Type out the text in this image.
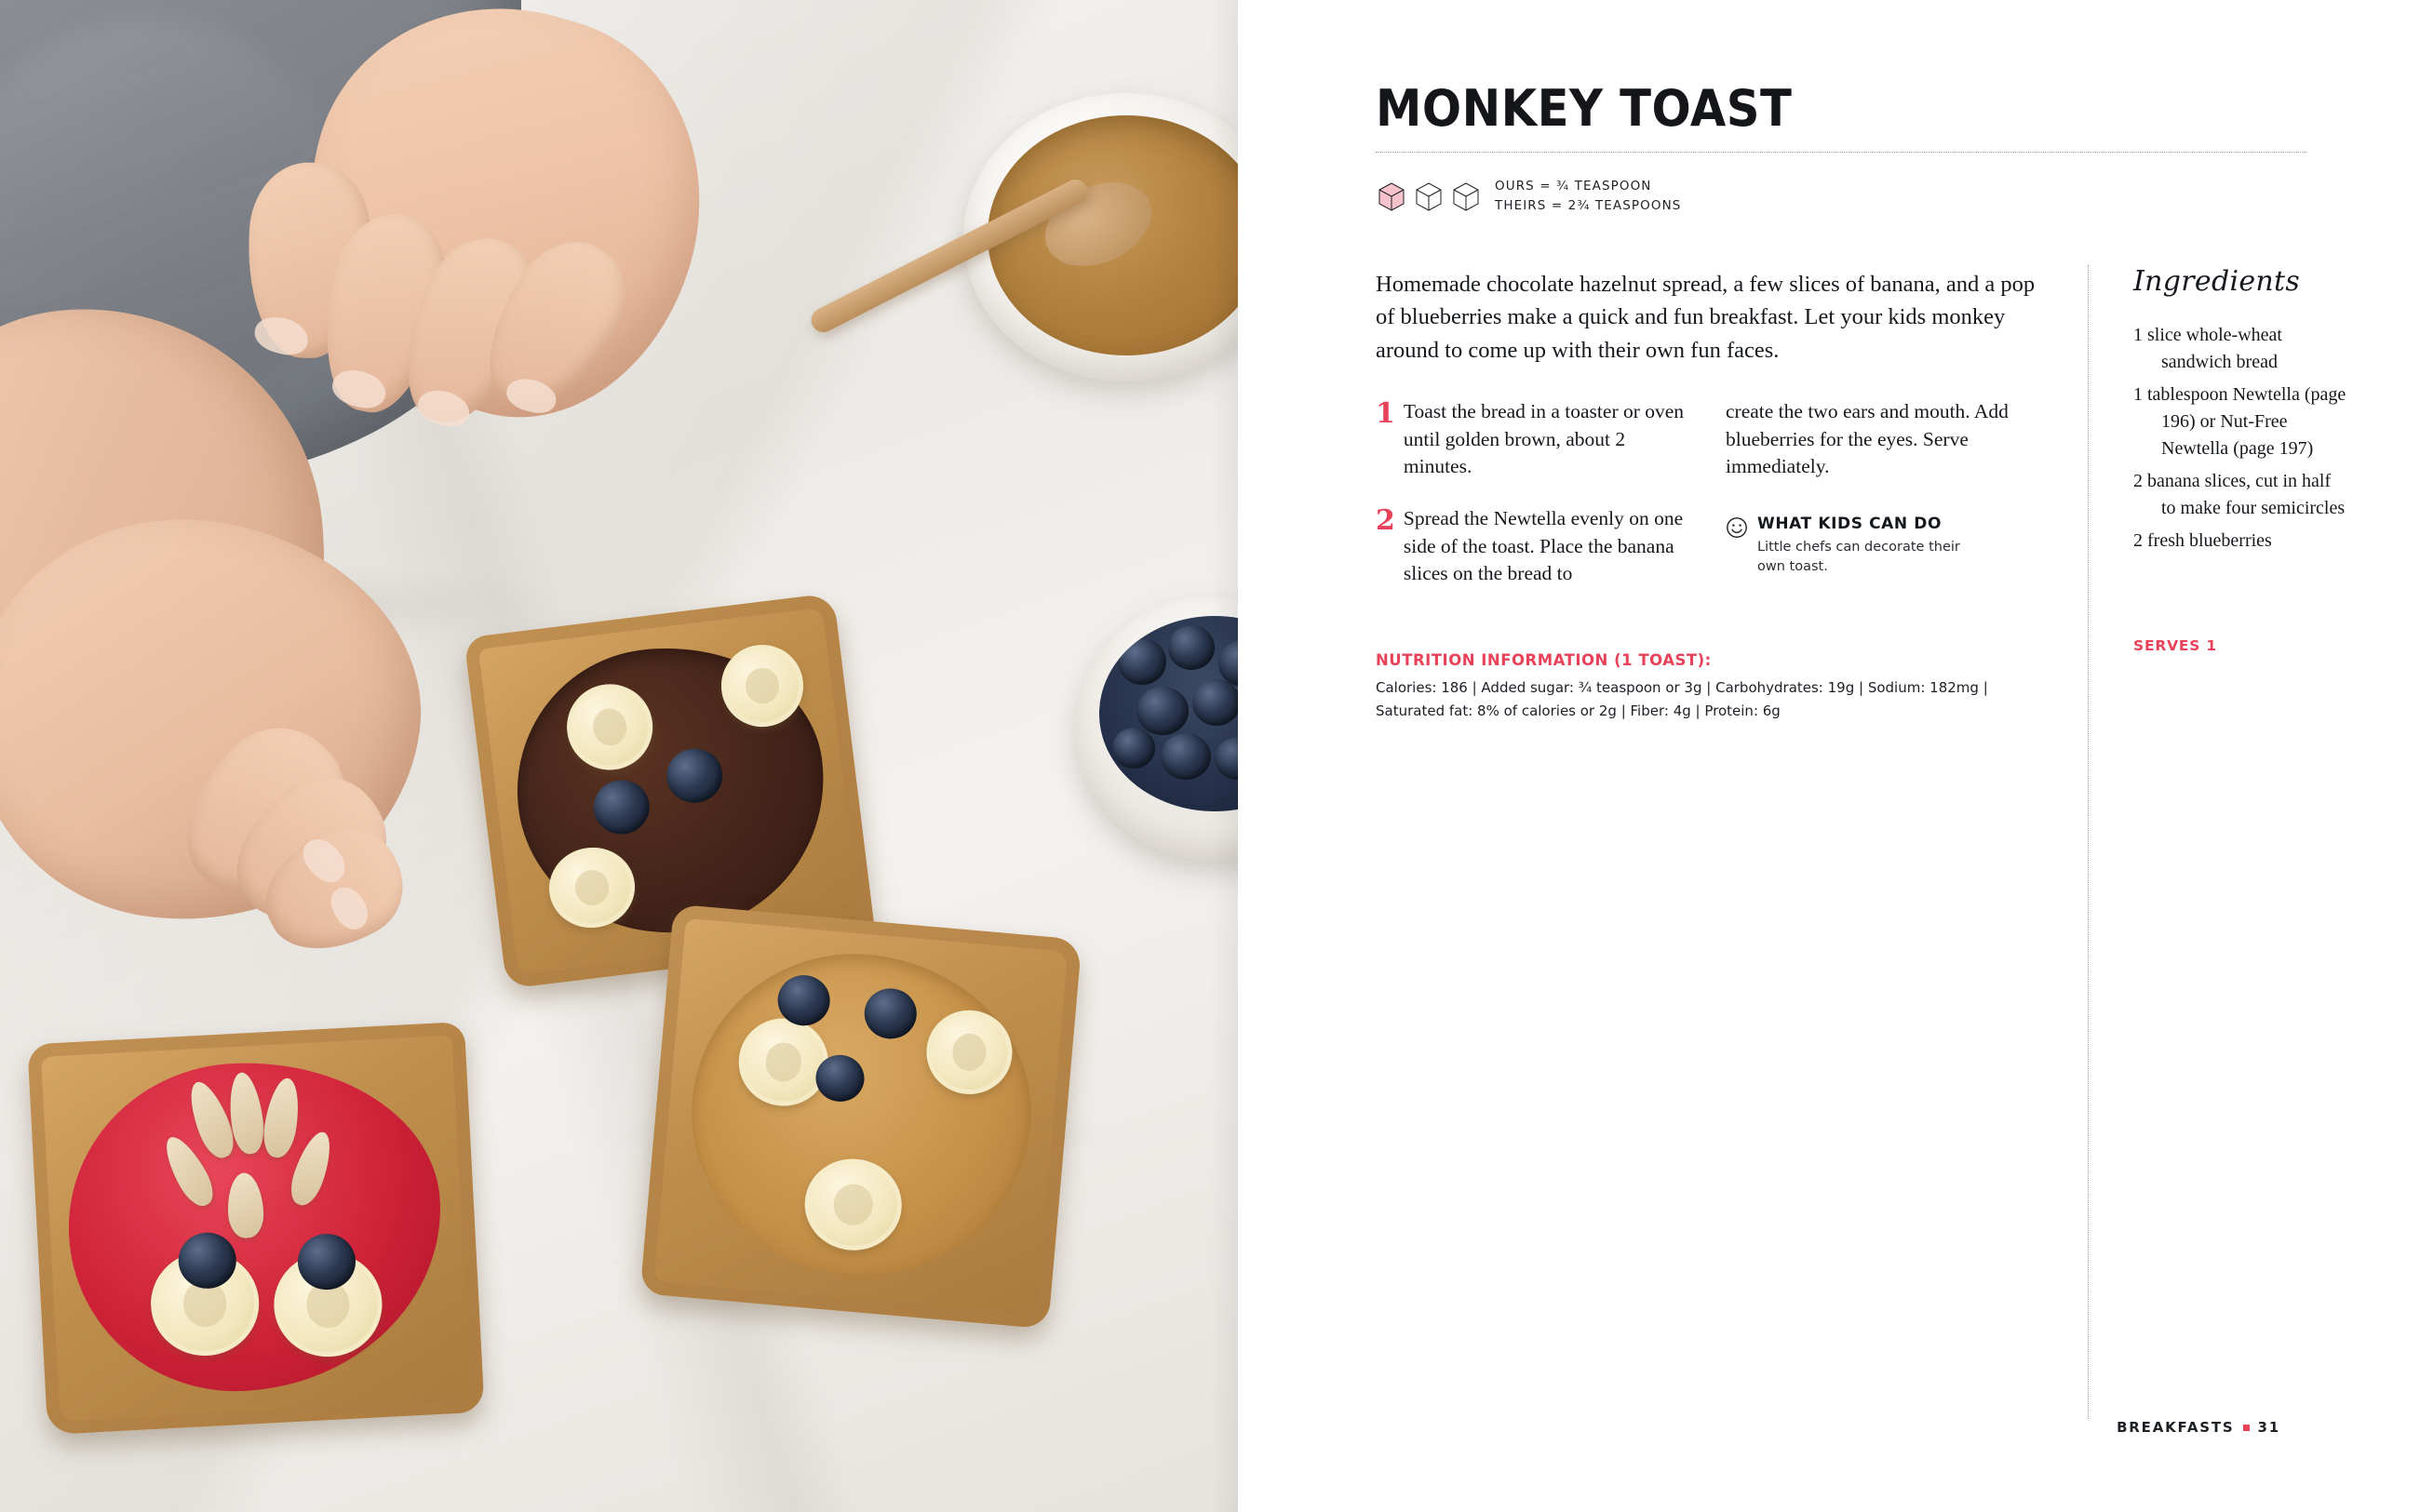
MONKEY TOAST
OURS = ¾ TEASPOON
THEIRS = 2¾ TEASPOONS

Homemade chocolate hazelnut spread, a few slices of banana, and a pop of blueberries make a quick and fun breakfast. Let your kids monkey around to come up with their own fun faces.

1 Toast the bread in a toaster or oven until golden brown, about 2 minutes.
2 Spread the Newtella evenly on one side of the toast. Place the banana slices on the bread to
create the two ears and mouth. Add blueberries for the eyes. Serve immediately.
WHAT KIDS CAN DO
Little chefs can decorate their own toast.
NUTRITION INFORMATION (1 TOAST):
Calories: 186 | Added sugar: ¾ teaspoon or 3g | Carbohydrates: 19g | Sodium: 182mg |
Saturated fat: 8% of calories or 2g | Fiber: 4g | Protein: 6g
Ingredients
1 slice whole-wheat sandwich bread
1 tablespoon Newtella (page 196) or Nut-Free Newtella (page 197)
2 banana slices, cut in half to make four semicircles
2 fresh blueberries
SERVES 1
BREAKFASTS 31
